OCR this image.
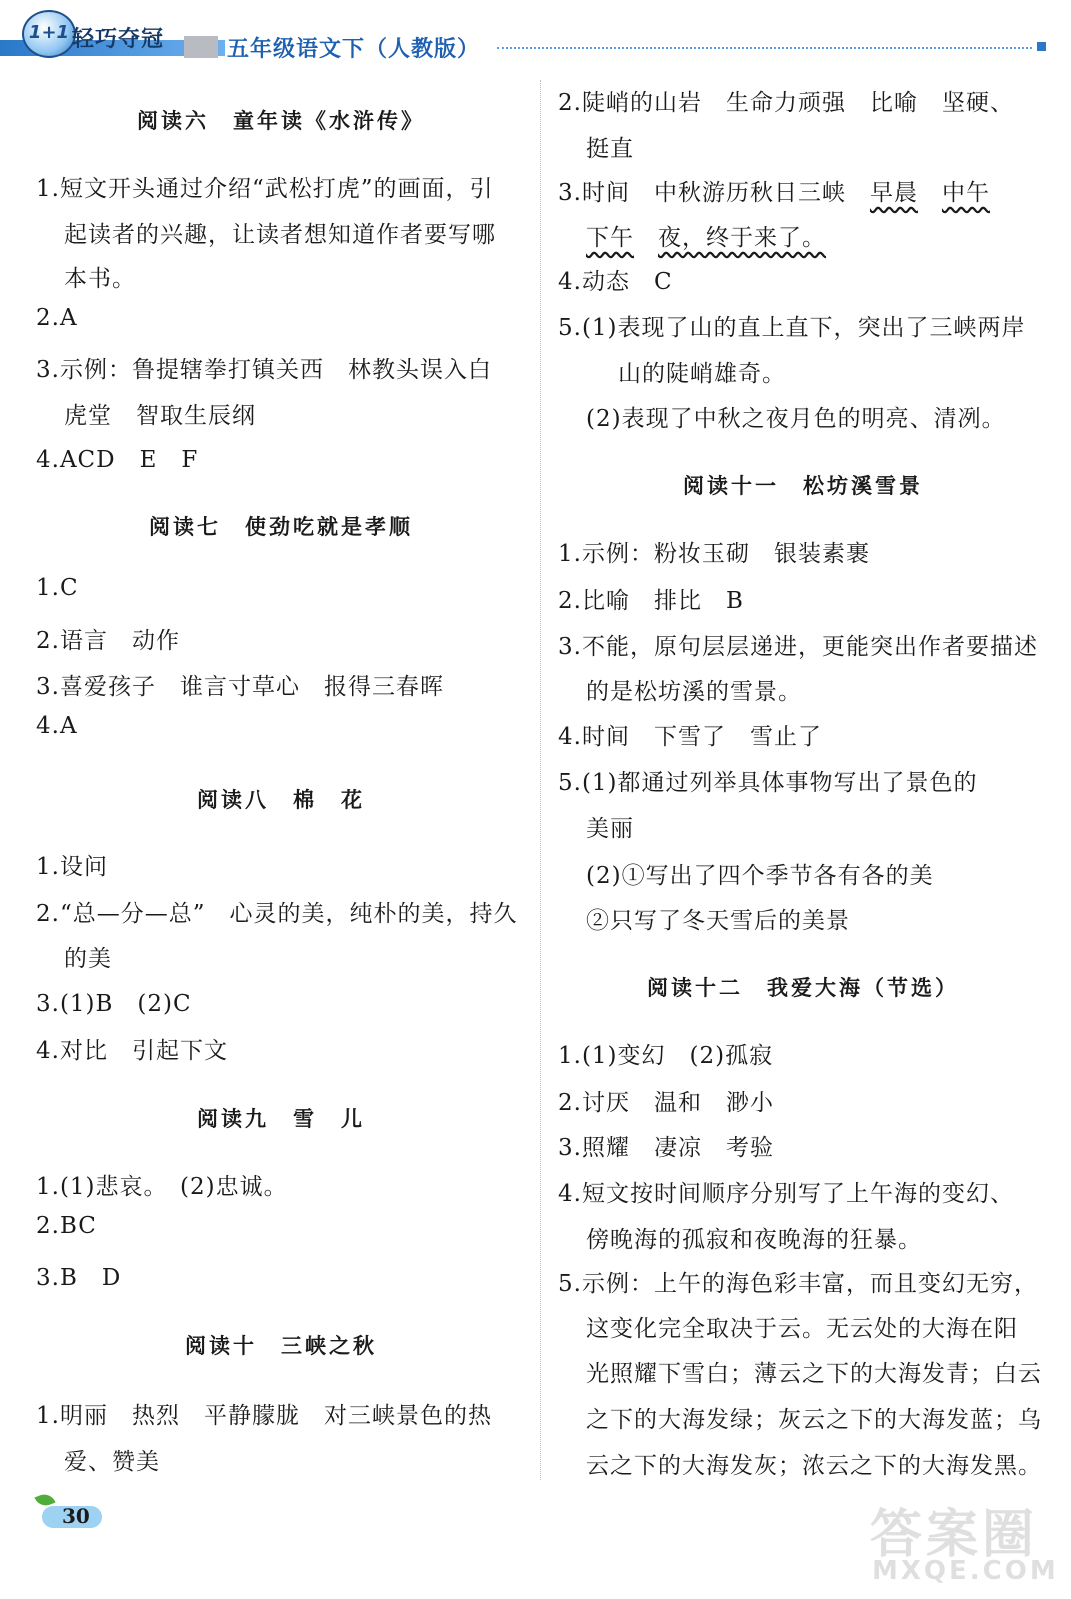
1+1 轻巧夺冠	五年级语文下（人教版）
阅读六　童年读《水浒传》
1.短文开头通过介绍“武松打虎”的画面，引
起读者的兴趣，让读者想知道作者要写哪
本书。
2.A
3.示例：鲁提辖拳打镇关西　林教头误入白
虎堂　智取生辰纲
4.ACD　E　F
阅读七　使劲吃就是孝顺
1.C
2.语言　动作
3.喜爱孩子　谁言寸草心　报得三春晖
4.A
阅读八　棉　花
1.设问
2.“总—分—总”　心灵的美，纯朴的美，持久
的美
3.(1)B　(2)C
4.对比　引起下文
阅读九　雪　儿
1.(1)悲哀。　(2)忠诚。
2.BC
3.B　D
阅读十　三峡之秋
1.明丽　热烈　平静朦胧　对三峡景色的热
爱、赞美
2.陡峭的山岩　生命力顽强　比喻　坚硬、
挺直
3.时间　中秋游历秋日三峡　早晨　 中午
下午　 夜，终于来了。
4.动态　C
5.(1)表现了山的直上直下，突出了三峡两岸
山的陡峭雄奇。
(2)表现了中秋之夜月色的明亮、清冽。
阅读十一　松坊溪雪景
1.示例：粉妆玉砌　银装素裹
2.比喻　排比　B
3.不能，原句层层递进，更能突出作者要描述
的是松坊溪的雪景。
4.时间　下雪了　雪止了
5.(1)都通过列举具体事物写出了景色的
美丽
(2)①写出了四个季节各有各的美
②只写了冬天雪后的美景
阅读十二　我爱大海（节选）
1.(1)变幻　(2)孤寂
2.讨厌　温和　渺小
3.照耀　凄凉　考验
4.短文按时间顺序分别写了上午海的变幻、
傍晚海的孤寂和夜晚海的狂暴。
5.示例：上午的海色彩丰富，而且变幻无穷，
这变化完全取决于云。无云处的大海在阳
光照耀下雪白；薄云之下的大海发青；白云
之下的大海发绿；灰云之下的大海发蓝；乌
云之下的大海发灰；浓云之下的大海发黑。
30	答案圈
MXQE.COM
